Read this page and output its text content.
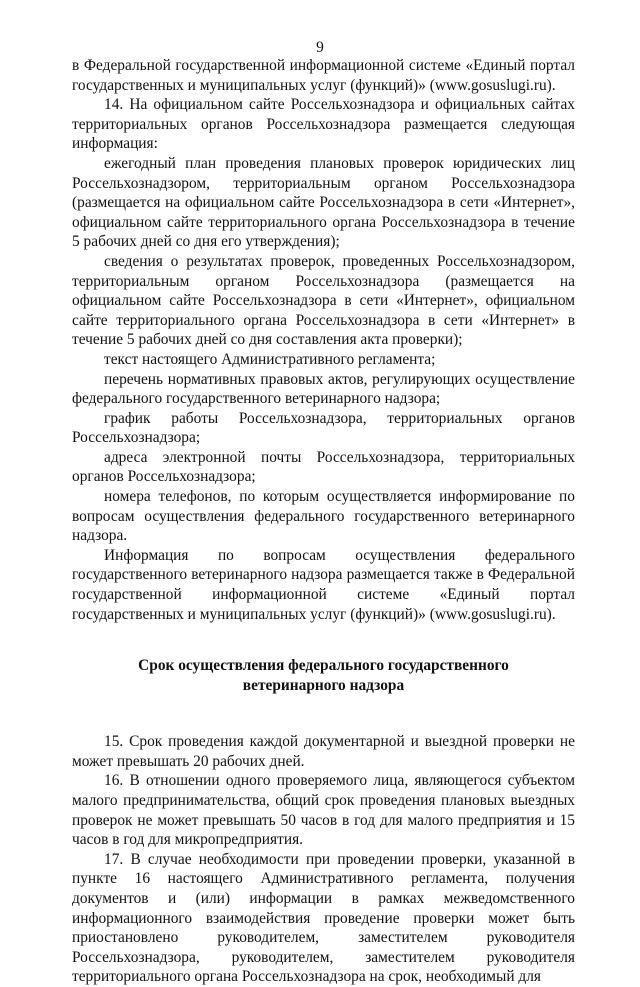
9

в Федеральной государственной информационной системе «Единый портал государственных и муниципальных услуг (функций)» (www.gosuslugi.ru).

14. На официальном сайте Россельхознадзора и официальных сайтах территориальных органов Россельхознадзора размещается следующая информация:

ежегодный план проведения плановых проверок юридических лиц Россельхознадзором, территориальным органом Россельхознадзора (размещается на официальном сайте Россельхознадзора в сети «Интернет», официальном сайте территориального органа Россельхознадзора в течение 5 рабочих дней со дня его утверждения);

сведения о результатах проверок, проведенных Россельхознадзором, территориальным органом Россельхознадзора (размещается на официальном сайте Россельхознадзора в сети «Интернет», официальном сайте территориального органа Россельхознадзора в сети «Интернет» в течение 5 рабочих дней со дня составления акта проверки);

текст настоящего Административного регламента;

перечень нормативных правовых актов, регулирующих осуществление федерального государственного ветеринарного надзора;

график работы Россельхознадзора, территориальных органов Россельхознадзора;

адреса электронной почты Россельхознадзора, территориальных органов Россельхознадзора;

номера телефонов, по которым осуществляется информирование по вопросам осуществления федерального государственного ветеринарного надзора.

Информация по вопросам осуществления федерального государственного ветеринарного надзора размещается также в Федеральной государственной информационной системе «Единый портал государственных и муниципальных услуг (функций)» (www.gosuslugi.ru).

Срок осуществления федерального государственного ветеринарного надзора

15. Срок проведения каждой документарной и выездной проверки не может превышать 20 рабочих дней.

16. В отношении одного проверяемого лица, являющегося субъектом малого предпринимательства, общий срок проведения плановых выездных проверок не может превышать 50 часов в год для малого предприятия и 15 часов в год для микропредприятия.

17. В случае необходимости при проведении проверки, указанной в пункте 16 настоящего Административного регламента, получения документов и (или) информации в рамках межведомственного информационного взаимодействия проведение проверки может быть приостановлено руководителем, заместителем руководителя Россельхознадзора, руководителем, заместителем руководителя территориального органа Россельхознадзора на срок, необходимый для
